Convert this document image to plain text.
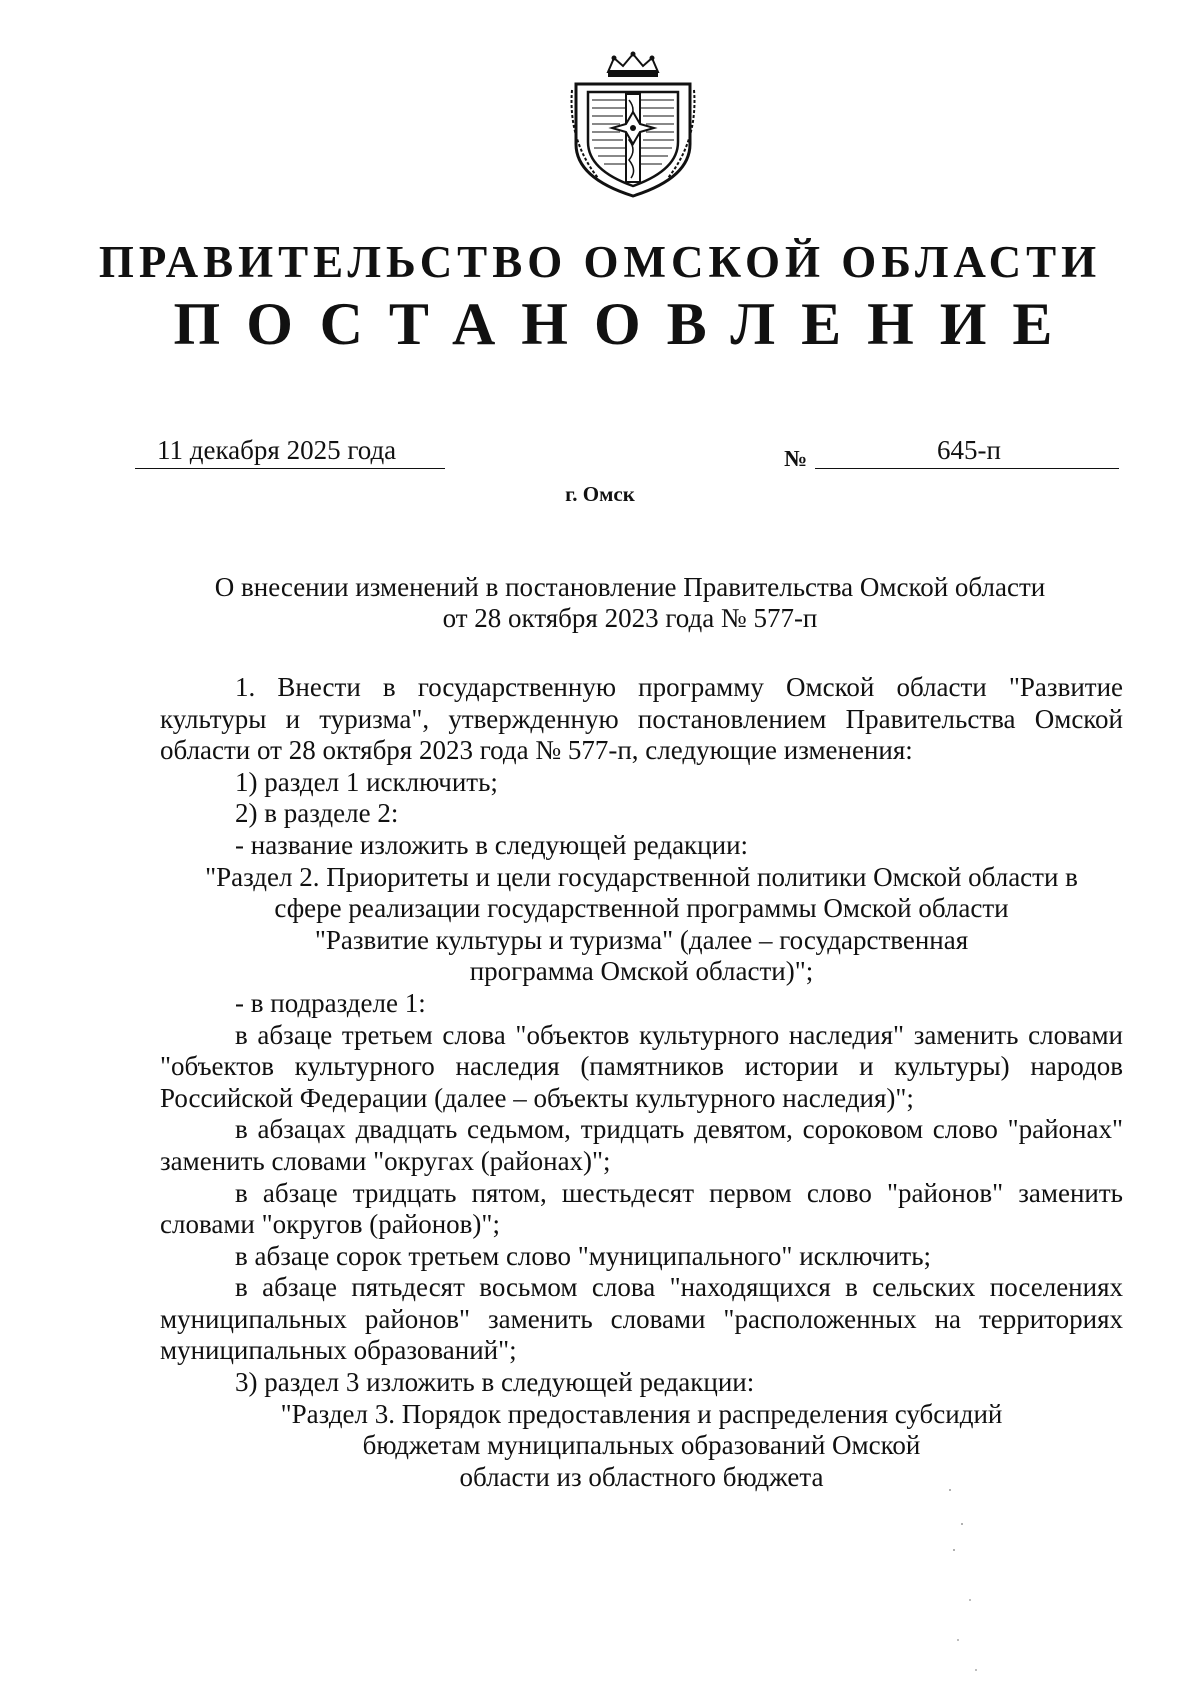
ПРАВИТЕЛЬСТВО ОМСКОЙ ОБЛАСТИ
ПОСТАНОВЛЕНИЕ
11 декабря 2025 года	№	645-п
г. Омск
О внесении изменений в постановление Правительства Омской области
от 28 октября 2023 года № 577-п

1. Внести в государственную программу Омской области "Развитие культуры и туризма", утвержденную постановлением Правительства Омской области от 28 октября 2023 года № 577-п, следующие изменения:

1) раздел 1 исключить;

2) в разделе 2:

- название изложить в следующей редакции:

"Раздел 2. Приоритеты и цели государственной политики Омской области в
сфере реализации государственной программы Омской области
"Развитие культуры и туризма" (далее – государственная
программа Омской области)";

- в подразделе 1:

в абзаце третьем слова "объектов культурного наследия" заменить словами "объектов культурного наследия (памятников истории и культуры) народов Российской Федерации (далее – объекты культурного наследия)";

в абзацах двадцать седьмом, тридцать девятом, сороковом слово "районах" заменить словами "округах (районах)";

в абзаце тридцать пятом, шестьдесят первом слово "районов" заменить словами "округов (районов)";

в абзаце сорок третьем слово "муниципального" исключить;

в абзаце пятьдесят восьмом слова "находящихся в сельских поселениях муниципальных районов" заменить словами "расположенных на территориях муниципальных образований";

3) раздел 3 изложить в следующей редакции:

"Раздел 3. Порядок предоставления и распределения субсидий
бюджетам муниципальных образований Омской
области из областного бюджета
